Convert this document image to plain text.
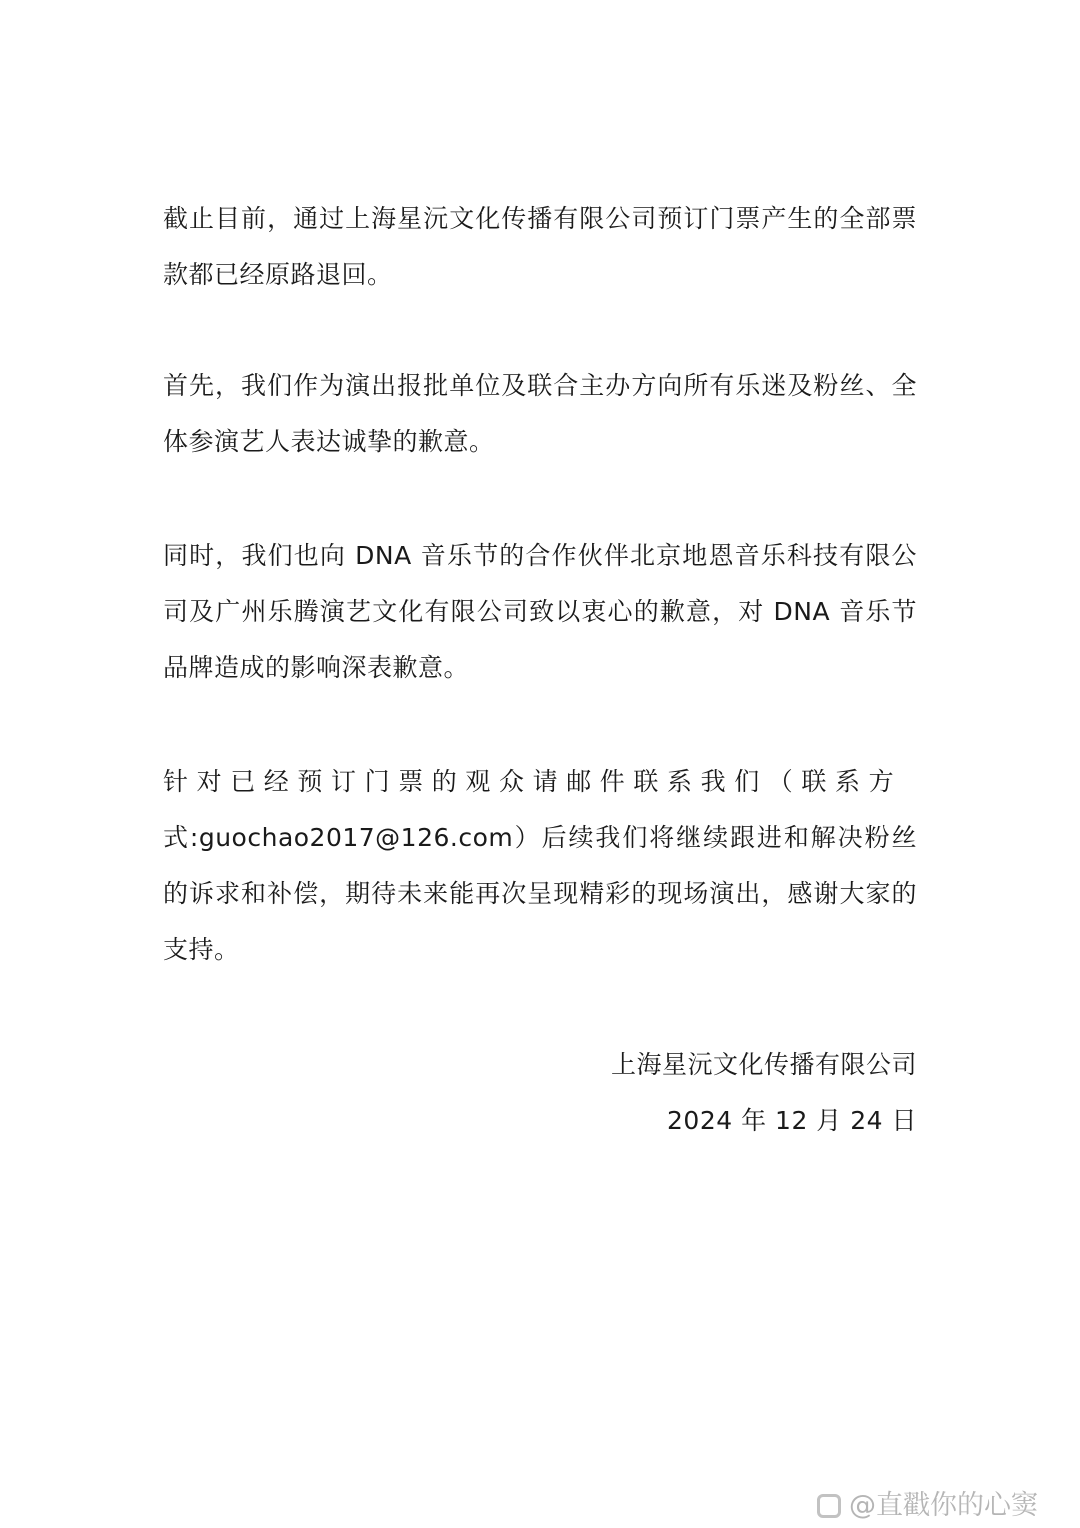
截止目前，通过上海星沅文化传播有限公司预订门票产生的全部票款都已经原路退回。

首先，我们作为演出报批单位及联合主办方向所有乐迷及粉丝、全体参演艺人表达诚挚的歉意。

同时，我们也向 DNA 音乐节的合作伙伴北京地恩音乐科技有限公司及广州乐腾演艺文化有限公司致以衷心的歉意，对 DNA 音乐节品牌造成的影响深表歉意。

针对已经预订门票的观众请邮件联系我们（联系方
式:guochao2017@126.com）后续我们将继续跟进和解决粉丝的诉求和补偿，期待未来能再次呈现精彩的现场演出，感谢大家的支持。

上海星沅文化传播有限公司

2024 年 12 月 24 日

@直戳你的心窦
